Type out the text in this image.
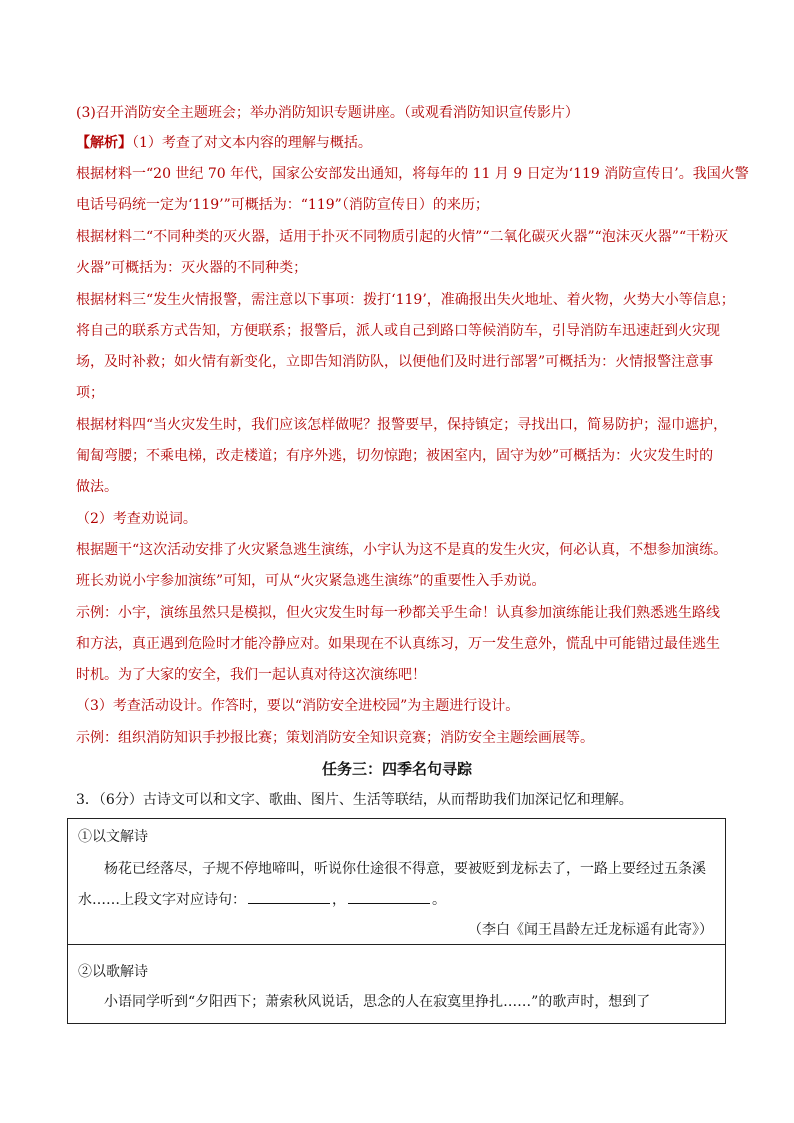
(3)召开消防安全主题班会；举办消防知识专题讲座。（或观看消防知识宣传影片）
【解析】（1）考查了对文本内容的理解与概括。
根据材料一“20 世纪 70 年代，国家公安部发出通知，将每年的 11 月 9 日定为‘119 消防宣传日’。我国火警
电话号码统一定为‘119’”可概括为：“119”（消防宣传日）的来历；
根据材料二“不同种类的灭火器，适用于扑灭不同物质引起的火情”“二氧化碳灭火器”“泡沫灭火器”“干粉灭
火器”可概括为：灭火器的不同种类；
根据材料三“发生火情报警，需注意以下事项：拨打‘119’，准确报出失火地址、着火物，火势大小等信息；
将自己的联系方式告知，方便联系；报警后，派人或自己到路口等候消防车，引导消防车迅速赶到火灾现
场，及时补救；如火情有新变化，立即告知消防队，以便他们及时进行部署”可概括为：火情报警注意事
项；
根据材料四“当火灾发生时，我们应该怎样做呢？报警要早，保持镇定；寻找出口，简易防护；湿巾遮护，
匍匐弯腰；不乘电梯，改走楼道；有序外逃，切勿惊跑；被困室内，固守为妙”可概括为：火灾发生时的
做法。
（2）考查劝说词。
根据题干“这次活动安排了火灾紧急逃生演练，小宇认为这不是真的发生火灾，何必认真，不想参加演练。
班长劝说小宇参加演练”可知，可从“火灾紧急逃生演练”的重要性入手劝说。
示例：小宇，演练虽然只是模拟，但火灾发生时每一秒都关乎生命！认真参加演练能让我们熟悉逃生路线
和方法，真正遇到危险时才能冷静应对。如果现在不认真练习，万一发生意外，慌乱中可能错过最佳逃生
时机。为了大家的安全，我们一起认真对待这次演练吧！
（3）考查活动设计。作答时，要以“消防安全进校园”为主题进行设计。
示例：组织消防知识手抄报比赛；策划消防安全知识竞赛；消防安全主题绘画展等。
任务三：四季名句寻踪
3．（6分）古诗文可以和文字、歌曲、图片、生活等联结，从而帮助我们加深记忆和理解。
①以文解诗
杨花已经落尽，子规不停地啼叫，听说你仕途很不得意，要被贬到龙标去了，一路上要经过五条溪
水……上段文字对应诗句：	，	。
（李白《闻王昌龄左迁龙标遥有此寄》）
②以歌解诗
小语同学听到“夕阳西下；萧索秋风说话，思念的人在寂寞里挣扎……”的歌声时，想到了
